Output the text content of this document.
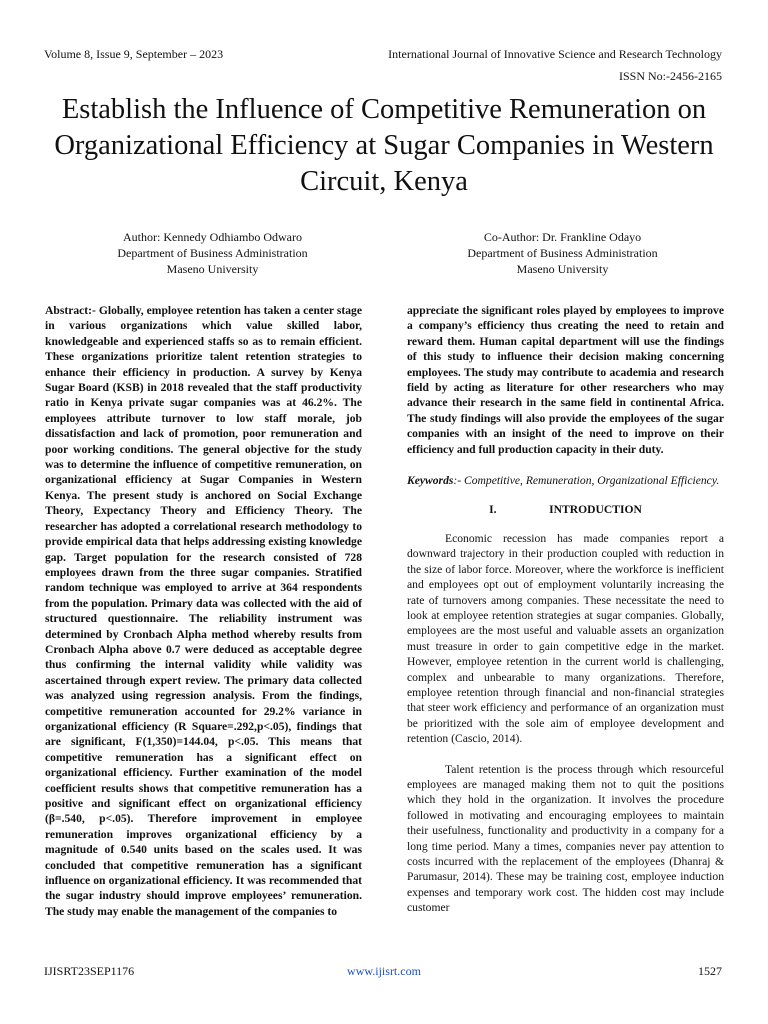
Volume 8, Issue 9, September – 2023	International Journal of Innovative Science and Research Technology
ISSN No:-2456-2165
Establish the Influence of Competitive Remuneration on Organizational Efficiency at Sugar Companies in Western Circuit, Kenya
Author: Kennedy Odhiambo Odwaro
Department of Business Administration
Maseno University
Co-Author: Dr. Frankline Odayo
Department of Business Administration
Maseno University

Abstract:- Globally, employee retention has taken a center stage in various organizations which value skilled labor, knowledgeable and experienced staffs so as to remain efficient. These organizations prioritize talent retention strategies to enhance their efficiency in production. A survey by Kenya Sugar Board (KSB) in 2018 revealed that the staff productivity ratio in Kenya private sugar companies was at 46.2%. The employees attribute turnover to low staff morale, job dissatisfaction and lack of promotion, poor remuneration and poor working conditions. The general objective for the study was to determine the influence of competitive remuneration, on organizational efficiency at Sugar Companies in Western Kenya. The present study is anchored on Social Exchange Theory, Expectancy Theory and Efficiency Theory. The researcher has adopted a correlational research methodology to provide empirical data that helps addressing existing knowledge gap. Target population for the research consisted of 728 employees drawn from the three sugar companies. Stratified random technique was employed to arrive at 364 respondents from the population. Primary data was collected with the aid of structured questionnaire. The reliability instrument was determined by Cronbach Alpha method whereby results from Cronbach Alpha above 0.7 were deduced as acceptable degree thus confirming the internal validity while validity was ascertained through expert review. The primary data collected was analyzed using regression analysis. From the findings, competitive remuneration accounted for 29.2% variance in organizational efficiency (R Square=.292,p<.05), findings that are significant, F(1,350)=144.04, p<.05. This means that competitive remuneration has a significant effect on organizational efficiency. Further examination of the model coefficient results shows that competitive remuneration has a positive and significant effect on organizational efficiency (β=.540, p<.05). Therefore improvement in employee remuneration improves organizational efficiency by a magnitude of 0.540 units based on the scales used. It was concluded that competitive remuneration has a significant influence on organizational efficiency. It was recommended that the sugar industry should improve employees’ remuneration. The study may enable the management of the companies to

appreciate the significant roles played by employees to improve a company’s efficiency thus creating the need to retain and reward them. Human capital department will use the findings of this study to influence their decision making concerning employees. The study may contribute to academia and research field by acting as literature for other researchers who may advance their research in the same field in continental Africa. The study findings will also provide the employees of the sugar companies with an insight of the need to improve on their efficiency and full production capacity in their duty.

Keywords:- Competitive, Remuneration, Organizational Efficiency.

I.	INTRODUCTION

Economic recession has made companies report a downward trajectory in their production coupled with reduction in the size of labor force. Moreover, where the workforce is inefficient and employees opt out of employment voluntarily increasing the rate of turnovers among companies. These necessitate the need to look at employee retention strategies at sugar companies. Globally, employees are the most useful and valuable assets an organization must treasure in order to gain competitive edge in the market. However, employee retention in the current world is challenging, complex and unbearable to many organizations. Therefore, employee retention through financial and non-financial strategies that steer work efficiency and performance of an organization must be prioritized with the sole aim of employee development and retention (Cascio, 2014).

Talent retention is the process through which resourceful employees are managed making them not to quit the positions which they hold in the organization. It involves the procedure followed in motivating and encouraging employees to maintain their usefulness, functionality and productivity in a company for a long time period. Many a times, companies never pay attention to costs incurred with the replacement of the employees (Dhanraj & Parumasur, 2014). These may be training cost, employee induction expenses and temporary work cost. The hidden cost may include customer

IJISRT23SEP1176	www.ijisrt.com	1527
